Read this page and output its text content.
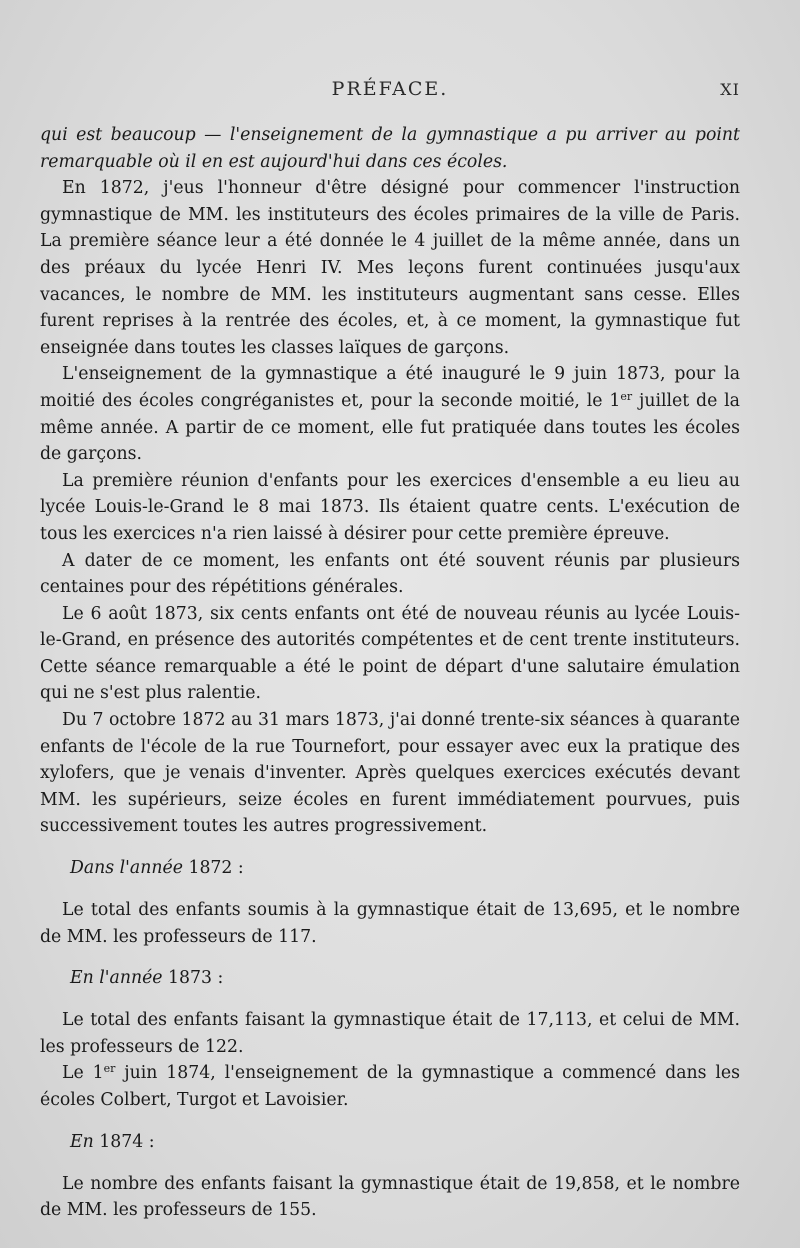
PRÉFACE.	XI

qui est beaucoup — l'enseignement de la gymnastique a pu arriver au point remarquable où il en est aujourd'hui dans ces écoles.

En 1872, j'eus l'honneur d'être désigné pour commencer l'instruction gymnastique de MM. les instituteurs des écoles primaires de la ville de Paris. La première séance leur a été donnée le 4 juillet de la même année, dans un des préaux du lycée Henri IV. Mes leçons furent continuées jusqu'aux vacances, le nombre de MM. les instituteurs augmentant sans cesse. Elles furent reprises à la rentrée des écoles, et, à ce moment, la gymnastique fut enseignée dans toutes les classes laïques de garçons.

L'enseignement de la gymnastique a été inauguré le 9 juin 1873, pour la moitié des écoles congréganistes et, pour la seconde moitié, le 1er juillet de la même année. A partir de ce moment, elle fut pratiquée dans toutes les écoles de garçons.

La première réunion d'enfants pour les exercices d'ensemble a eu lieu au lycée Louis-le-Grand le 8 mai 1873. Ils étaient quatre cents. L'exécution de tous les exercices n'a rien laissé à désirer pour cette première épreuve.

A dater de ce moment, les enfants ont été souvent réunis par plusieurs centaines pour des répétitions générales.

Le 6 août 1873, six cents enfants ont été de nouveau réunis au lycée Louis-le-Grand, en présence des autorités compétentes et de cent trente instituteurs. Cette séance remarquable a été le point de départ d'une salutaire émulation qui ne s'est plus ralentie.

Du 7 octobre 1872 au 31 mars 1873, j'ai donné trente-six séances à quarante enfants de l'école de la rue Tournefort, pour essayer avec eux la pratique des xylofers, que je venais d'inventer. Après quelques exercices exécutés devant MM. les supérieurs, seize écoles en furent immédiatement pourvues, puis successivement toutes les autres progressivement.

Dans l'année 1872 :

Le total des enfants soumis à la gymnastique était de 13,695, et le nombre de MM. les professeurs de 117.

En l'année 1873 :

Le total des enfants faisant la gymnastique était de 17,113, et celui de MM. les professeurs de 122.

Le 1er juin 1874, l'enseignement de la gymnastique a commencé dans les écoles Colbert, Turgot et Lavoisier.

En 1874 :

Le nombre des enfants faisant la gymnastique était de 19,858, et le nombre de MM. les professeurs de 155.
